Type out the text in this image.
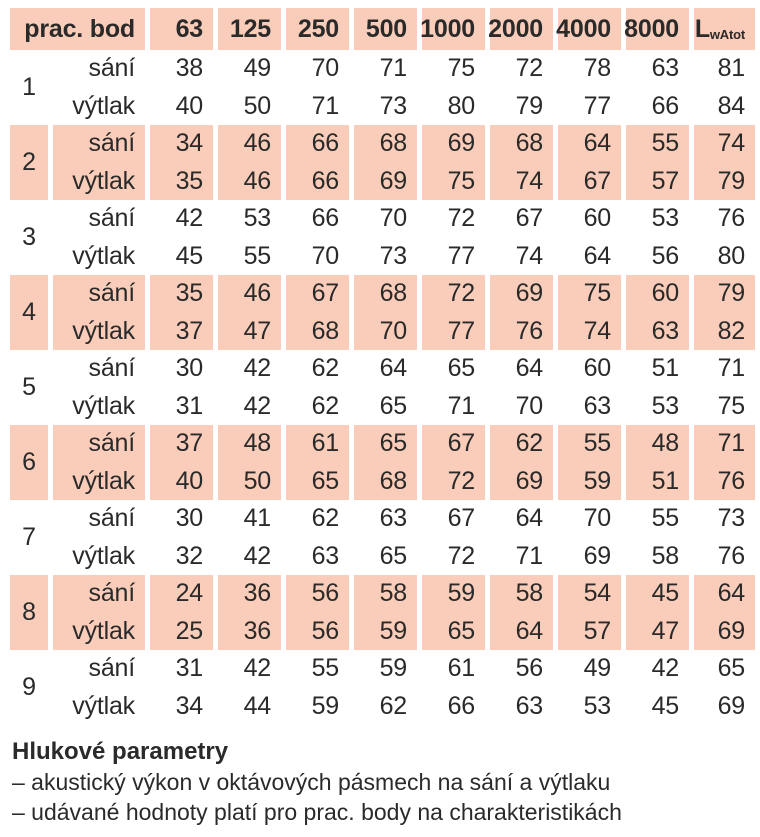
prac. bod	63	125	250	500 1000 2000 4000 8000 LwAtot
1
sání	38	49	70	71	75	72	78	63	81
výtlak	40	50	71	73	80	79	77	66	84
2
sání	34	46	66	68	69	68	64	55	74
výtlak	35	46	66	69	75	74	67	57	79
3
sání	42	53	66	70	72	67	60	53	76
výtlak	45	55	70	73	77	74	64	56	80
4
sání	35	46	67	68	72	69	75	60	79
výtlak	37	47	68	70	77	76	74	63	82
5
sání	30	42	62	64	65	64	60	51	71
výtlak	31	42	62	65	71	70	63	53	75
6
sání	37	48	61	65	67	62	55	48	71
výtlak	40	50	65	68	72	69	59	51	76
7
sání	30	41	62	63	67	64	70	55	73
výtlak	32	42	63	65	72	71	69	58	76
8
sání	24	36	56	58	59	58	54	45	64
výtlak	25	36	56	59	65	64	57	47	69
9
sání	31	42	55	59	61	56	49	42	65
výtlak	34	44	59	62	66	63	53	45	69
Hlukové parametry
– akustický výkon v oktávových pásmech na sání a výtlaku
– udávané hodnoty platí pro prac. body na charakteristikách
